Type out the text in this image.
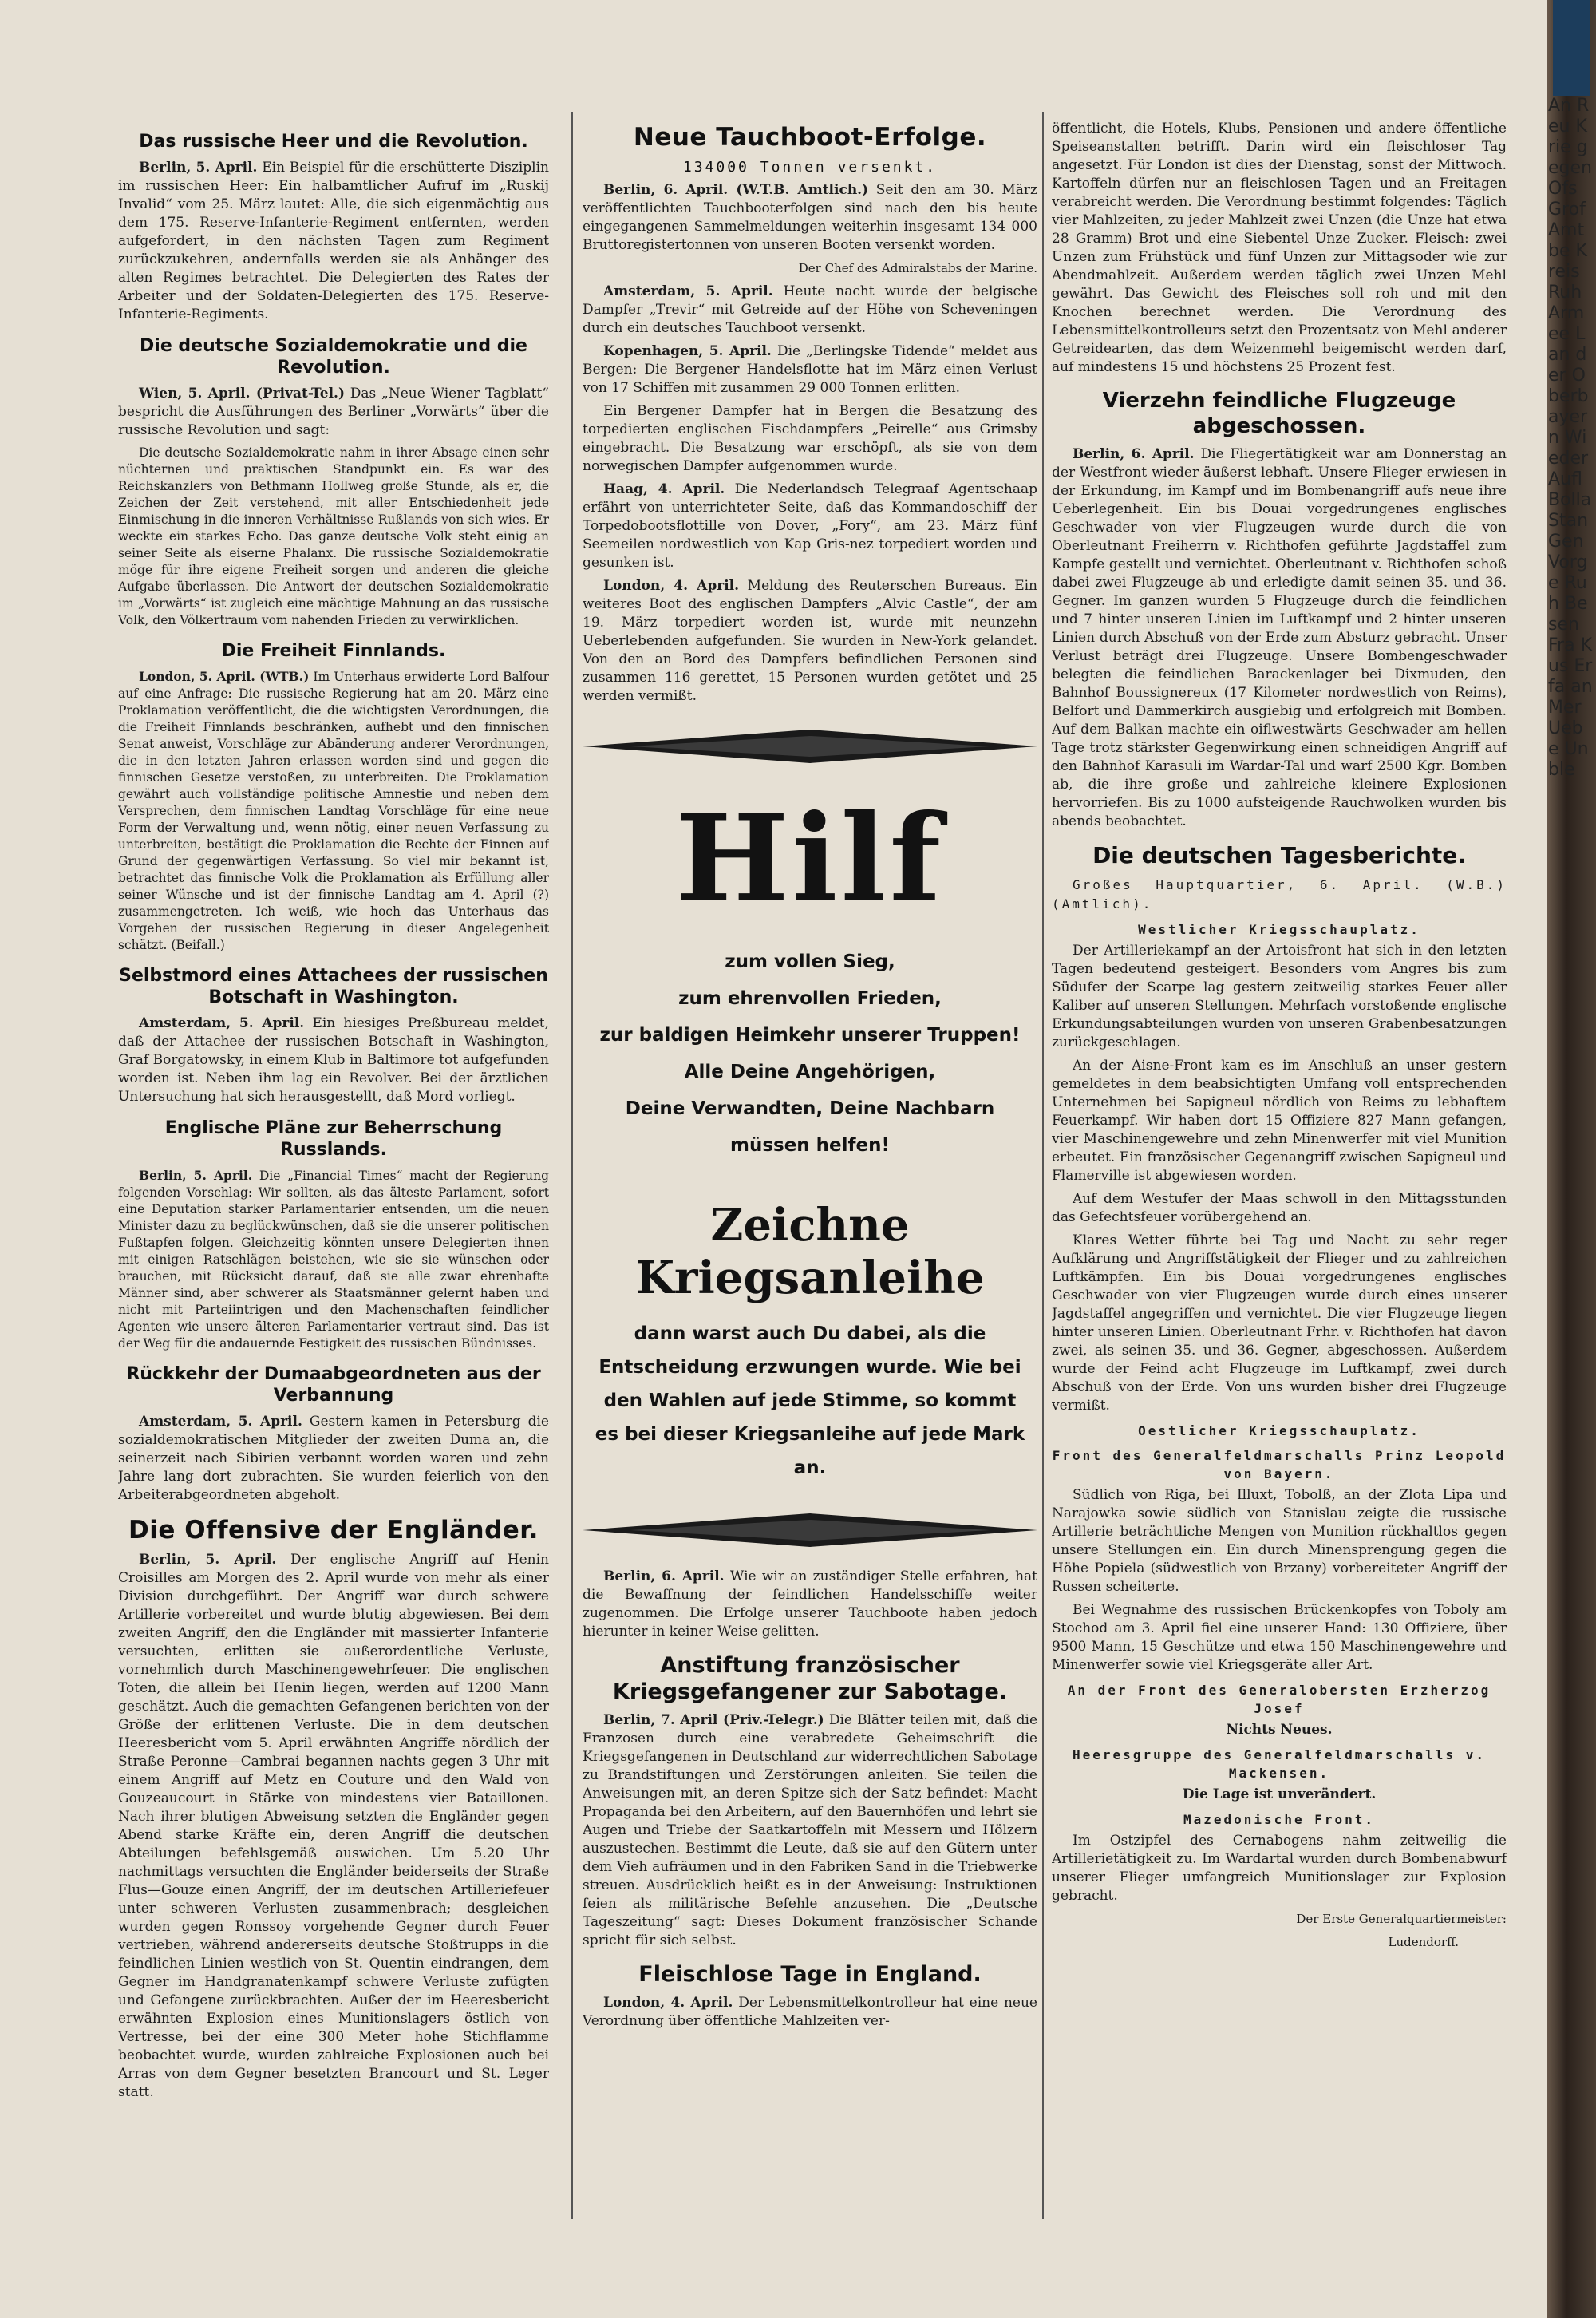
Das russische Heer und die Revolution.

Berlin, 5. April. Ein Beispiel für die erschütterte Disziplin im russischen Heer: Ein halbamtlicher Aufruf im „Ruskij Invalid“ vom 25. März lautet: Alle, die sich eigenmächtig aus dem 175. Reserve-Infanterie-Regiment entfernten, werden aufgefordert, in den nächsten Tagen zum Regiment zurückzukehren, andernfalls werden sie als Anhänger des alten Regimes betrachtet. Die Delegierten des Rates der Arbeiter und der Soldaten-Delegierten des 175. Reserve-Infanterie-Regiments.

Die deutsche Sozialdemokratie und die Revolution.

Wien, 5. April. (Privat-Tel.) Das „Neue Wiener Tagblatt“ bespricht die Ausführungen des Berliner „Vorwärts“ über die russische Revolution und sagt:

Die deutsche Sozialdemokratie nahm in ihrer Absage einen sehr nüchternen und praktischen Standpunkt ein. Es war des Reichskanzlers von Bethmann Hollweg große Stunde, als er, die Zeichen der Zeit verstehend, mit aller Entschiedenheit jede Einmischung in die inneren Verhältnisse Rußlands von sich wies. Er weckte ein starkes Echo. Das ganze deutsche Volk steht einig an seiner Seite als eiserne Phalanx. Die russische Sozialdemokratie möge für ihre eigene Freiheit sorgen und anderen die gleiche Aufgabe überlassen. Die Antwort der deutschen Sozialdemokratie im „Vorwärts“ ist zugleich eine mächtige Mahnung an das russische Volk, den Völkertraum vom nahenden Frieden zu verwirklichen.

Die Freiheit Finnlands.

London, 5. April. (WTB.) Im Unterhaus erwiderte Lord Balfour auf eine Anfrage: Die russische Regierung hat am 20. März eine Proklamation veröffentlicht, die die wichtigsten Verordnungen, die die Freiheit Finnlands beschränken, aufhebt und den finnischen Senat anweist, Vorschläge zur Abänderung anderer Verordnungen, die in den letzten Jahren erlassen worden sind und gegen die finnischen Gesetze verstoßen, zu unterbreiten. Die Proklamation gewährt auch vollständige politische Amnestie und neben dem Versprechen, dem finnischen Landtag Vorschläge für eine neue Form der Verwaltung und, wenn nötig, einer neuen Verfassung zu unterbreiten, bestätigt die Proklamation die Rechte der Finnen auf Grund der gegenwärtigen Verfassung. So viel mir bekannt ist, betrachtet das finnische Volk die Proklamation als Erfüllung aller seiner Wünsche und ist der finnische Landtag am 4. April (?) zusammengetreten. Ich weiß, wie hoch das Unterhaus das Vorgehen der russischen Regierung in dieser Angelegenheit schätzt. (Beifall.)

Selbstmord eines Attachees der russischen Botschaft in Washington.

Amsterdam, 5. April. Ein hiesiges Preßbureau meldet, daß der Attachee der russischen Botschaft in Washington, Graf Borgatowsky, in einem Klub in Baltimore tot aufgefunden worden ist. Neben ihm lag ein Revolver. Bei der ärztlichen Untersuchung hat sich herausgestellt, daß Mord vorliegt.

Englische Pläne zur Beherrschung Russlands.

Berlin, 5. April. Die „Financial Times“ macht der Regierung folgenden Vorschlag: Wir sollten, als das älteste Parlament, sofort eine Deputation starker Parlamentarier entsenden, um die neuen Minister dazu zu beglückwünschen, daß sie die unserer politischen Fußtapfen folgen. Gleichzeitig könnten unsere Delegierten ihnen mit einigen Ratschlägen beistehen, wie sie sie wünschen oder brauchen, mit Rücksicht darauf, daß sie alle zwar ehrenhafte Männer sind, aber schwerer als Staatsmänner gelernt haben und nicht mit Parteiintrigen und den Machenschaften feindlicher Agenten wie unsere älteren Parlamentarier vertraut sind. Das ist der Weg für die andauernde Festigkeit des russischen Bündnisses.

Rückkehr der Dumaabgeordneten aus der Verbannung

Amsterdam, 5. April. Gestern kamen in Petersburg die sozialdemokratischen Mitglieder der zweiten Duma an, die seinerzeit nach Sibirien verbannt worden waren und zehn Jahre lang dort zubrachten. Sie wurden feierlich von den Arbeiterabgeordneten abgeholt.

Die Offensive der Engländer.

Berlin, 5. April. Der englische Angriff auf Henin Croisilles am Morgen des 2. April wurde von mehr als einer Division durchgeführt. Der Angriff war durch schwere Artillerie vorbereitet und wurde blutig abgewiesen. Bei dem zweiten Angriff, den die Engländer mit massierter Infanterie versuchten, erlitten sie außerordentliche Verluste, vornehmlich durch Maschinengewehrfeuer. Die englischen Toten, die allein bei Henin liegen, werden auf 1200 Mann geschätzt. Auch die gemachten Gefangenen berichten von der Größe der erlittenen Verluste. Die in dem deutschen Heeresbericht vom 5. April erwähnten Angriffe nördlich der Straße Peronne—Cambrai begannen nachts gegen 3 Uhr mit einem Angriff auf Metz en Couture und den Wald von Gouzeaucourt in Stärke von mindestens vier Bataillonen. Nach ihrer blutigen Abweisung setzten die Engländer gegen Abend starke Kräfte ein, deren Angriff die deutschen Abteilungen befehlsgemäß auswichen. Um 5.20 Uhr nachmittags versuchten die Engländer beiderseits der Straße Flus—Gouze einen Angriff, der im deutschen Artilleriefeuer unter schweren Verlusten zusammenbrach; desgleichen wurden gegen Ronssoy vorgehende Gegner durch Feuer vertrieben, während andererseits deutsche Stoßtrupps in die feindlichen Linien westlich von St. Quentin eindrangen, dem Gegner im Handgranatenkampf schwere Verluste zufügten und Gefangene zurückbrachten. Außer der im Heeresbericht erwähnten Explosion eines Munitionslagers östlich von Vertresse, bei der eine 300 Meter hohe Stichflamme beobachtet wurde, wurden zahlreiche Explosionen auch bei Arras von dem Gegner besetzten Brancourt und St. Leger statt.

Neue Tauchboot-Erfolge.
134000 Tonnen versenkt.

Berlin, 6. April. (W.T.B. Amtlich.) Seit den am 30. März veröffentlichten Tauchbooterfolgen sind nach den bis heute eingegangenen Sammelmeldungen weiterhin insgesamt 134 000 Bruttoregistertonnen von unseren Booten versenkt worden.

Der Chef des Admiralstabs der Marine.

Amsterdam, 5. April. Heute nacht wurde der belgische Dampfer „Trevir“ mit Getreide auf der Höhe von Scheveningen durch ein deutsches Tauchboot versenkt.

Kopenhagen, 5. April. Die „Berlingske Tidende“ meldet aus Bergen: Die Bergener Handelsflotte hat im März einen Verlust von 17 Schiffen mit zusammen 29 000 Tonnen erlitten.

Ein Bergener Dampfer hat in Bergen die Besatzung des torpedierten englischen Fischdampfers „Peirelle“ aus Grimsby eingebracht. Die Besatzung war erschöpft, als sie von dem norwegischen Dampfer aufgenommen wurde.

Haag, 4. April. Die Nederlandsch Telegraaf Agentschaap erfährt von unterrichteter Seite, daß das Kommandoschiff der Torpedobootsflottille von Dover, „Fory“, am 23. März fünf Seemeilen nordwestlich von Kap Gris-nez torpediert worden und gesunken ist.

London, 4. April. Meldung des Reuterschen Bureaus. Ein weiteres Boot des englischen Dampfers „Alvic Castle“, der am 19. März torpediert worden ist, wurde mit neunzehn Ueberlebenden aufgefunden. Sie wurden in New-York gelandet. Von den an Bord des Dampfers befindlichen Personen sind zusammen 116 gerettet, 15 Personen wurden getötet und 25 werden vermißt.

Hilf
zum vollen Sieg,
zum ehrenvollen Frieden,
zur baldigen Heimkehr unserer Truppen!
Alle Deine Angehörigen,
Deine Verwandten, Deine Nachbarn
müssen helfen!
Zeichne
Kriegsanleihe
dann warst auch Du dabei, als die Entscheidung erzwungen wurde. Wie bei den Wahlen auf jede Stimme, so kommt es bei dieser Kriegsanleihe auf jede Mark an.

Berlin, 6. April. Wie wir an zuständiger Stelle erfahren, hat die Bewaffnung der feindlichen Handelsschiffe weiter zugenommen. Die Erfolge unserer Tauchboote haben jedoch hierunter in keiner Weise gelitten.

Anstiftung französischer Kriegsgefangener zur Sabotage.

Berlin, 7. April (Priv.-Telegr.) Die Blätter teilen mit, daß die Franzosen durch eine verabredete Geheimschrift die Kriegsgefangenen in Deutschland zur widerrechtlichen Sabotage zu Brandstiftungen und Zerstörungen anleiten. Sie teilen die Anweisungen mit, an deren Spitze sich der Satz befindet: Macht Propaganda bei den Arbeitern, auf den Bauernhöfen und lehrt sie Augen und Triebe der Saatkartoffeln mit Messern und Hölzern auszustechen. Bestimmt die Leute, daß sie auf den Gütern unter dem Vieh aufräumen und in den Fabriken Sand in die Triebwerke streuen. Ausdrücklich heißt es in der Anweisung: Instruktionen feien als militärische Befehle anzusehen. Die „Deutsche Tageszeitung“ sagt: Dieses Dokument französischer Schande spricht für sich selbst.

Fleischlose Tage in England.

London, 4. April. Der Lebensmittelkontrolleur hat eine neue Verordnung über öffentliche Mahlzeiten ver-

öffentlicht, die Hotels, Klubs, Pensionen und andere öffentliche Speiseanstalten betrifft. Darin wird ein fleischloser Tag angesetzt. Für London ist dies der Dienstag, sonst der Mittwoch. Kartoffeln dürfen nur an fleischlosen Tagen und an Freitagen verabreicht werden. Die Verordnung bestimmt folgendes: Täglich vier Mahlzeiten, zu jeder Mahlzeit zwei Unzen (die Unze hat etwa 28 Gramm) Brot und eine Siebentel Unze Zucker. Fleisch: zwei Unzen zum Frühstück und fünf Unzen zur Mittagsoder wie zur Abendmahlzeit. Außerdem werden täglich zwei Unzen Mehl gewährt. Das Gewicht des Fleisches soll roh und mit den Knochen berechnet werden. Die Verordnung des Lebensmittelkontrolleurs setzt den Prozentsatz von Mehl anderer Getreidearten, das dem Weizenmehl beigemischt werden darf, auf mindestens 15 und höchstens 25 Prozent fest.

Vierzehn feindliche Flugzeuge abgeschossen.

Berlin, 6. April. Die Fliegertätigkeit war am Donnerstag an der Westfront wieder äußerst lebhaft. Unsere Flieger erwiesen in der Erkundung, im Kampf und im Bombenangriff aufs neue ihre Ueberlegenheit. Ein bis Douai vorgedrungenes englisches Geschwader von vier Flugzeugen wurde durch die von Oberleutnant Freiherrn v. Richthofen geführte Jagdstaffel zum Kampfe gestellt und vernichtet. Oberleutnant v. Richthofen schoß dabei zwei Flugzeuge ab und erledigte damit seinen 35. und 36. Gegner. Im ganzen wurden 5 Flugzeuge durch die feindlichen und 7 hinter unseren Linien im Luftkampf und 2 hinter unseren Linien durch Abschuß von der Erde zum Absturz gebracht. Unser Verlust beträgt drei Flugzeuge. Unsere Bombengeschwader belegten die feindlichen Barackenlager bei Dixmuden, den Bahnhof Boussignereux (17 Kilometer nordwestlich von Reims), Belfort und Dammerkirch ausgiebig und erfolgreich mit Bomben. Auf dem Balkan machte ein oiflwestwärts Geschwader am hellen Tage trotz stärkster Gegenwirkung einen schneidigen Angriff auf den Bahnhof Karasuli im Wardar-Tal und warf 2500 Kgr. Bomben ab, die ihre große und zahlreiche kleinere Explosionen hervorriefen. Bis zu 1000 aufsteigende Rauchwolken wurden bis abends beobachtet.

Die deutschen Tagesberichte.

Großes Hauptquartier, 6. April. (W.B.) (Amtlich).

Westlicher Kriegsschauplatz.

Der Artilleriekampf an der Artoisfront hat sich in den letzten Tagen bedeutend gesteigert. Besonders vom Angres bis zum Südufer der Scarpe lag gestern zeitweilig starkes Feuer aller Kaliber auf unseren Stellungen. Mehrfach vorstoßende englische Erkundungsabteilungen wurden von unseren Grabenbesatzungen zurückgeschlagen.

An der Aisne-Front kam es im Anschluß an unser gestern gemeldetes in dem beabsichtigten Umfang voll entsprechenden Unternehmen bei Sapigneul nördlich von Reims zu lebhaftem Feuerkampf. Wir haben dort 15 Offiziere 827 Mann gefangen, vier Maschinengewehre und zehn Minenwerfer mit viel Munition erbeutet. Ein französischer Gegenangriff zwischen Sapigneul und Flamerville ist abgewiesen worden.

Auf dem Westufer der Maas schwoll in den Mittagsstunden das Gefechtsfeuer vorübergehend an.

Klares Wetter führte bei Tag und Nacht zu sehr reger Aufklärung und Angriffstätigkeit der Flieger und zu zahlreichen Luftkämpfen. Ein bis Douai vorgedrungenes englisches Geschwader von vier Flugzeugen wurde durch eines unserer Jagdstaffel angegriffen und vernichtet. Die vier Flugzeuge liegen hinter unseren Linien. Oberleutnant Frhr. v. Richthofen hat davon zwei, als seinen 35. und 36. Gegner, abgeschossen. Außerdem wurde der Feind acht Flugzeuge im Luftkampf, zwei durch Abschuß von der Erde. Von uns wurden bisher drei Flugzeuge vermißt.

Oestlicher Kriegsschauplatz.
Front des Generalfeldmarschalls Prinz Leopold von Bayern.

Südlich von Riga, bei Illuxt, Tobolß, an der Zlota Lipa und Narajowka sowie südlich von Stanislau zeigte die russische Artillerie beträchtliche Mengen von Munition rückhaltlos gegen unsere Stellungen ein. Ein durch Minensprengung gegen die Höhe Popiela (südwestlich von Brzany) vorbereiteter Angriff der Russen scheiterte.

Bei Wegnahme des russischen Brückenkopfes von Toboly am Stochod am 3. April fiel eine unserer Hand: 130 Offiziere, über 9500 Mann, 15 Geschütze und etwa 150 Maschinengewehre und Minenwerfer sowie viel Kriegsgeräte aller Art.

An der Front des Generalobersten Erzherzog Josef

Nichts Neues.

Heeresgruppe des Generalfeldmarschalls v. Mackensen.

Die Lage ist unverändert.

Mazedonische Front.

Im Ostzipfel des Cernabogens nahm zeitweilig die Artillerietätigkeit zu. Im Wardartal wurden durch Bombenabwurf unserer Flieger umfangreich Munitionslager zur Explosion gebracht.

Der Erste Generalquartiermeister:

Ludendorff.

An Reu Krie gegen Ofs Grof Amt be Kreis Ruh Armee Lan der Oberbayern Wieder Aufl Bolla Stan Gen Vorge Ruh Besen Fra Kus Erfa an Mer Uebe Un ble
